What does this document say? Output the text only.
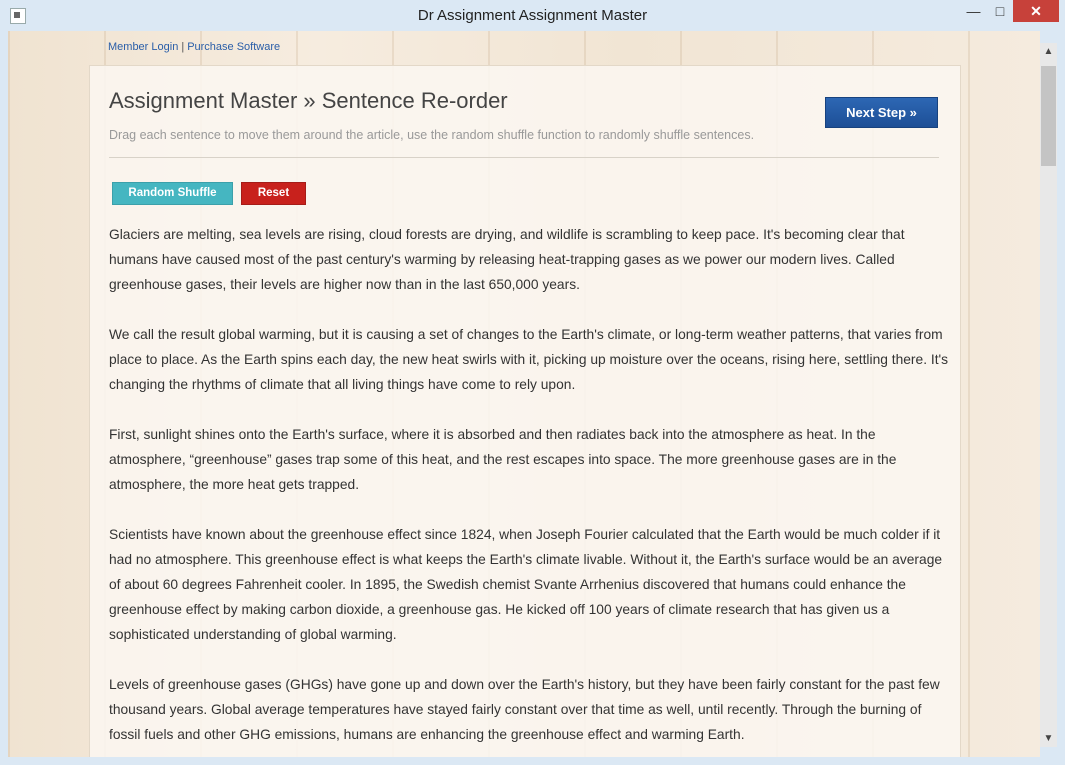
Dr Assignment Assignment Master	—	□	✕
Member Login | Purchase Software
Assignment Master » Sentence Re-order
Drag each sentence to move them around the article, use the random shuffle function to randomly shuffle sentences.
Next Step »
Random Shuffle	Reset

Glaciers are melting, sea levels are rising, cloud forests are drying, and wildlife is scrambling to keep pace. It's becoming clear that humans have caused most of the past century's warming by releasing heat-trapping gases as we power our modern lives. Called greenhouse gases, their levels are higher now than in the last 650,000 years.

We call the result global warming, but it is causing a set of changes to the Earth's climate, or long-term weather patterns, that varies from place to place. As the Earth spins each day, the new heat swirls with it, picking up moisture over the oceans, rising here, settling there. It's changing the rhythms of climate that all living things have come to rely upon.

First, sunlight shines onto the Earth's surface, where it is absorbed and then radiates back into the atmosphere as heat. In the atmosphere, “greenhouse” gases trap some of this heat, and the rest escapes into space. The more greenhouse gases are in the atmosphere, the more heat gets trapped.

Scientists have known about the greenhouse effect since 1824, when Joseph Fourier calculated that the Earth would be much colder if it had no atmosphere. This greenhouse effect is what keeps the Earth's climate livable. Without it, the Earth's surface would be an average of about 60 degrees Fahrenheit cooler. In 1895, the Swedish chemist Svante Arrhenius discovered that humans could enhance the greenhouse effect by making carbon dioxide, a greenhouse gas. He kicked off 100 years of climate research that has given us a sophisticated understanding of global warming.

Levels of greenhouse gases (GHGs) have gone up and down over the Earth's history, but they have been fairly constant for the past few thousand years. Global average temperatures have stayed fairly constant over that time as well, until recently. Through the burning of fossil fuels and other GHG emissions, humans are enhancing the greenhouse effect and warming Earth.

▲
▼
